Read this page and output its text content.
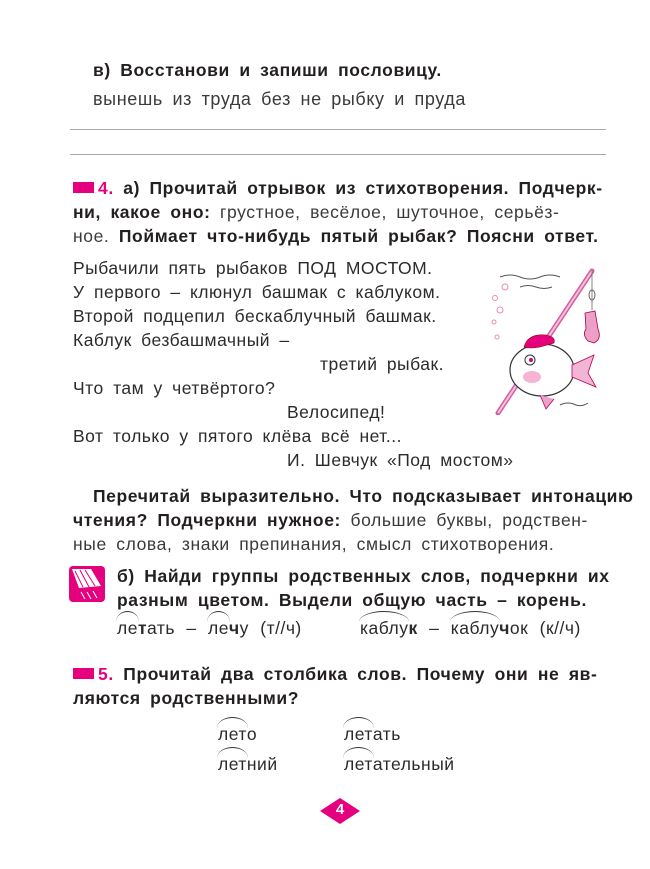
в) Восстанови и запиши пословицу.
вынешь из труда без не рыбку и пруда
4. а) Прочитай отрывок из стихотворения. Подчерк-
ни, какое оно: грустное, весёлое, шуточное, серьёз-
ное. Поймает что-нибудь пятый рыбак? Поясни ответ.
Рыбачили пять рыбаков ПОД МОСТОМ.
У первого – клюнул башмак с каблуком.
Второй подцепил бескаблучный башмак.
Каблук безбашмачный –
третий рыбак.
Что там у четвёртого?
Велосипед!
Вот только у пятого клёва всё нет...
И. Шевчук «Под мостом»
Перечитай выразительно. Что подсказывает интонацию
чтения? Подчеркни нужное: большие буквы, родствен-
ные слова, знаки препинания, смысл стихотворения.
б) Найди группы родственных слов, подчеркни их
разным цветом. Выдели общую часть – корень.
летать – лечу (т//ч)	каблук – каблучок (к//ч)
5. Прочитай два столбика слов. Почему они не яв-
ляются родственными?
лето
летний
летать
летательный
4
